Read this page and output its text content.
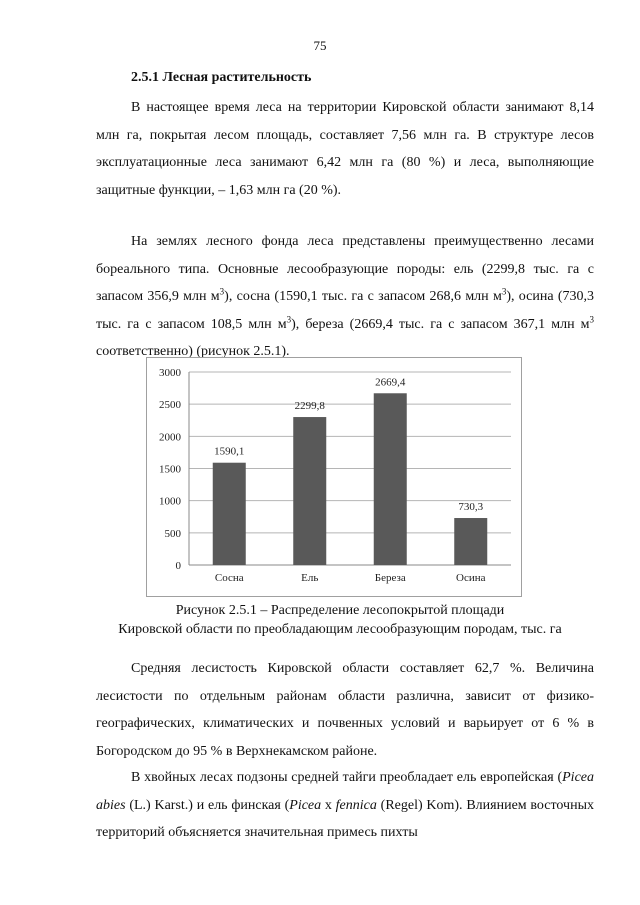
75
2.5.1 Лесная растительность

В настоящее время леса на территории Кировской области занимают 8,14 млн га, покрытая лесом площадь, составляет 7,56 млн га. В структуре лесов эксплуатационные леса занимают 6,42 млн га (80 %) и леса, выполняющие защитные функции, – 1,63 млн га (20 %).

На землях лесного фонда леса представлены преимущественно лесами бореального типа. Основные лесообразующие породы: ель (2299,8 тыс. га с запасом 356,9 млн $м^3$), сосна (1590,1 тыс. га с запасом 268,6 млн $м^3$), осина (730,3 тыс. га с запасом 108,5 млн $м^3$), береза (2669,4 тыс. га с запасом 367,1 млн $м^3$ соответственно) (рисунок 2.5.1).

0
500
1000
1500
2000
2500
3000
1590,1
Сосна
2299,8
Ель
2669,4
Береза
730,3
Осина
Рисунок 2.5.1 – Распределение лесопокрытой площади
Кировской области по преобладающим лесообразующим породам, тыс. га

Средняя лесистость Кировской области составляет 62,7 %. Величина лесистости по отдельным районам области различна, зависит от физико-географических, климатических и почвенных условий и варьирует от 6 % в Богородском до 95 % в Верхнекамском районе.

В хвойных лесах подзоны средней тайги преобладает ель европейская (Picea abies (L.) Karst.) и ель финская (Picea x fennica (Regel) Kom). Влиянием восточных территорий объясняется значительная примесь пихты
